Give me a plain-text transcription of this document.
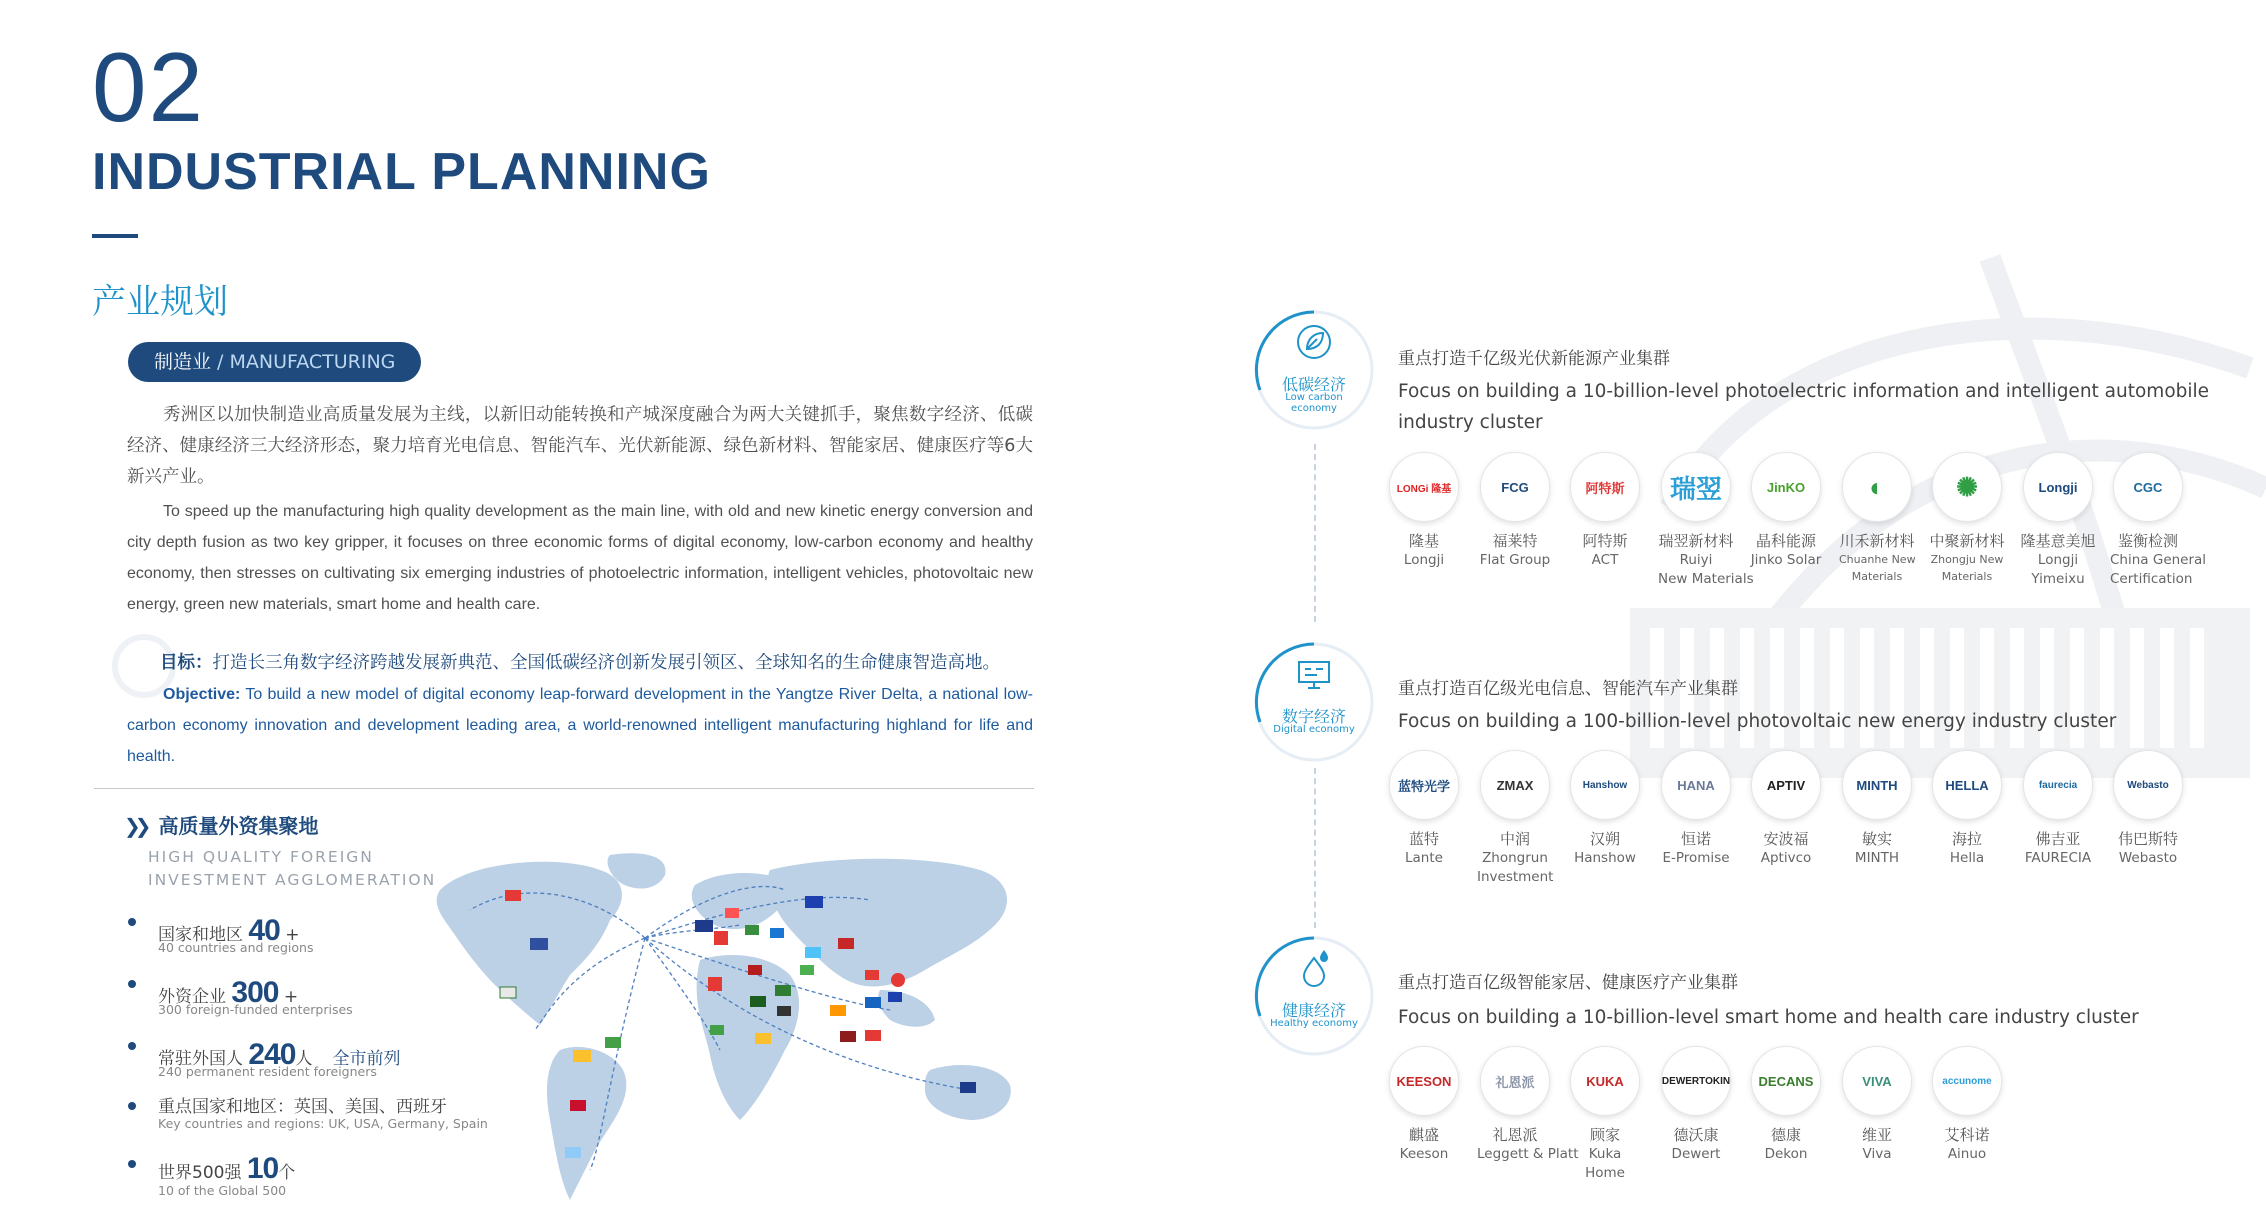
02
INDUSTRIAL PLANNING
产业规划
制造业 / MANUFACTURING
秀洲区以加快制造业高质量发展为主线，以新旧动能转换和产城深度融合为两大关键抓手，聚焦数字经济、低碳经济、健康经济三大经济形态，聚力培育光电信息、智能汽车、光伏新能源、绿色新材料、智能家居、健康医疗等6大新兴产业。
To speed up the manufacturing high quality development as the main line, with old and new kinetic energy conversion and city depth fusion as two key gripper, it focuses on three economic forms of digital economy, low-carbon economy and healthy economy, then stresses on cultivating six emerging industries of photoelectric information, intelligent vehicles, photovoltaic new energy, green new materials, smart home and health care.
目标：打造长三角数字经济跨越发展新典范、全国低碳经济创新发展引领区、全球知名的生命健康智造高地。
Objective: To build a new model of digital economy leap-forward development in the Yangtze River Delta, a national low-carbon economy innovation and development leading area, a world-renowned intelligent manufacturing highland for life and health.
❯❯ 高质量外资集聚地
HIGH QUALITY FOREIGN
INVESTMENT AGGLOMERATION
国家和地区 40 +
40 countries and regions
外资企业 300 +
300 foreign-funded enterprises
常驻外国人 240人 全市前列
240 permanent resident foreigners
重点国家和地区：英国、美国、西班牙
Key countries and regions: UK, USA, Germany, Spain
世界500强 10个
10 of the Global 500
低碳经济
Low carbon economy
重点打造千亿级光伏新能源产业集群
Focus on building a 10-billion-level photoelectric information and intelligent automobile industry cluster
LONGi 隆基
隆基
Longji
FCG
福莱特
Flat Group
阿特斯
阿特斯
ACT
瑞翌
瑞翌新材料
Ruiyi
New Materials
JinKO
晶科能源
Jinko Solar
◐
川禾新材料
Chuanhe New
Materials
✺
中聚新材料
Zhongju New
Materials
Longji
隆基意美旭
Longji
Yimeixu
CGC
鉴衡检测
China General
Certification
数字经济
Digital economy
重点打造百亿级光电信息、智能汽车产业集群
Focus on building a 100-billion-level photovoltaic new energy industry cluster
蓝特光学
蓝特
Lante
ZMAX
中润
Zhongrun
Investment
Hanshow
汉朔
Hanshow
HANA
恒诺
E-Promise
APTIV
安波福
Aptivco
MINTH
敏实
MINTH
HELLA
海拉
Hella
faurecia
佛吉亚
FAURECIA
Webasto
伟巴斯特
Webasto
健康经济
Healthy economy
重点打造百亿级智能家居、健康医疗产业集群
Focus on building a 10-billion-level smart home and health care industry cluster
KEESON
麒盛
Keeson
礼恩派
礼恩派
Leggett & Platt
KUKA
顾家
Kuka
Home
DEWERTOKIN
德沃康
Dewert
DECANS
德康
Dekon
VIVA
维亚
Viva
accunome
艾科诺
Ainuo
